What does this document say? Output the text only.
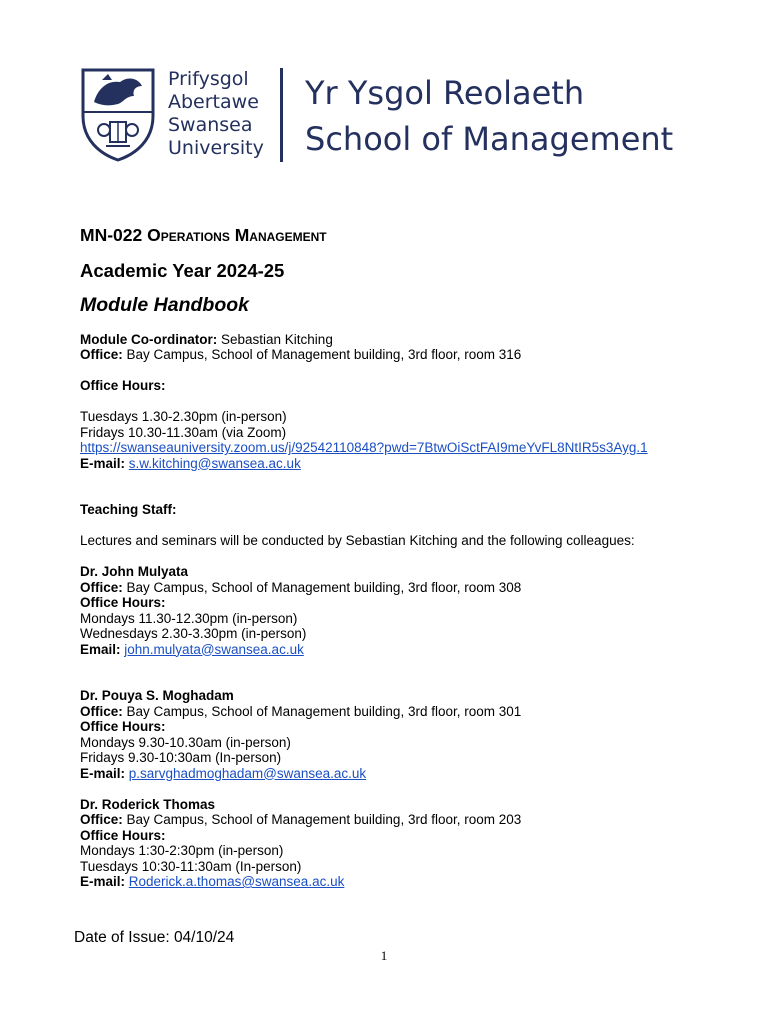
Prifysgol
Abertawe
Swansea
University
Yr Ysgol Reolaeth
School of Management
MN-022 Operations Management
Academic Year 2024-25
Module Handbook
Module Co-ordinator: Sebastian Kitching
Office: Bay Campus, School of Management building, 3rd floor, room 316
Office Hours:
Tuesdays 1.30-2.30pm (in-person)
Fridays 10.30-11.30am (via Zoom)
https://swanseauniversity.zoom.us/j/92542110848?pwd=7BtwOiSctFAI9meYvFL8NtIR5s3Ayg.1
E-mail: s.w.kitching@swansea.ac.uk
Teaching Staff:
Lectures and seminars will be conducted by Sebastian Kitching and the following colleagues:
Dr. John Mulyata
Office: Bay Campus, School of Management building, 3rd floor, room 308
Office Hours:
Mondays 11.30-12.30pm (in-person)
Wednesdays 2.30-3.30pm (in-person)
Email: john.mulyata@swansea.ac.uk
Dr. Pouya S. Moghadam
Office: Bay Campus, School of Management building, 3rd floor, room 301
Office Hours:
Mondays 9.30-10.30am (in-person)
Fridays 9.30-10:30am (In-person)
E-mail: p.sarvghadmoghadam@swansea.ac.uk
Dr. Roderick Thomas
Office: Bay Campus, School of Management building, 3rd floor, room 203
Office Hours:
Mondays 1:30-2:30pm (in-person)
Tuesdays 10:30-11:30am (In-person)
E-mail: Roderick.a.thomas@swansea.ac.uk
Date of Issue: 04/10/24
1
